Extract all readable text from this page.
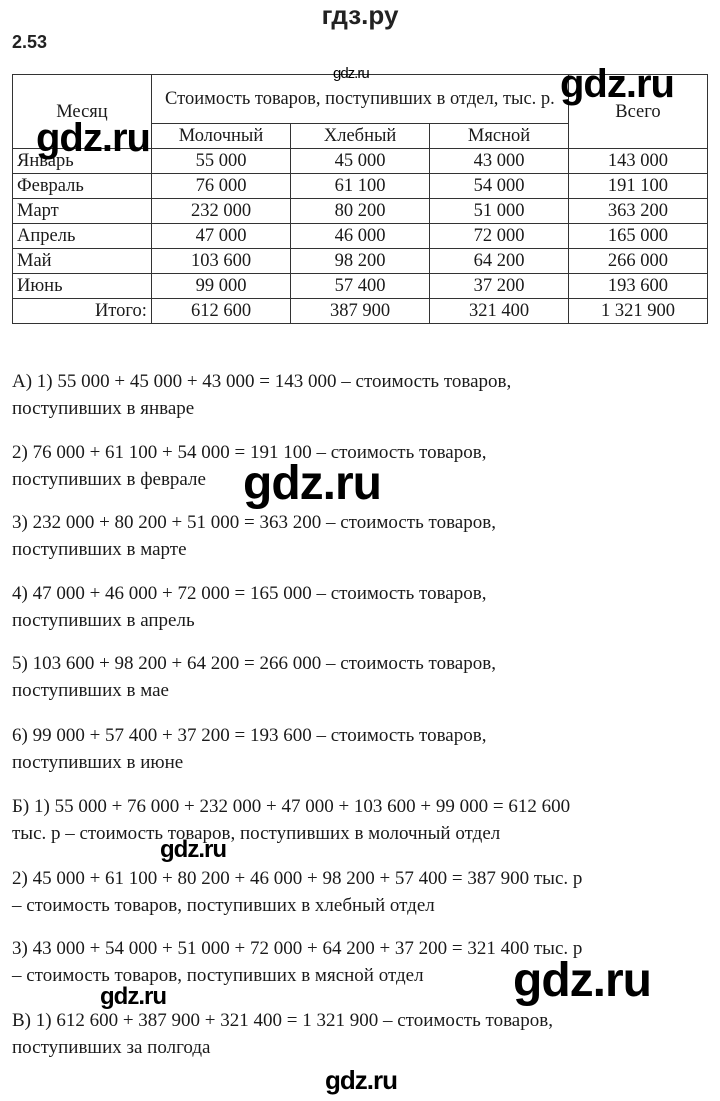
гдз.ру
2.53
Месяц	Стоимость товаров, поступивших в отдел, тыс. р.			Всего
	Молочный	Хлебный	Мясной	
Январь	55 000	45 000	43 000	143 000
Февраль	76 000	61 100	54 000	191 100
Март	232 000	80 200	51 000	363 200
Апрель	47 000	46 000	72 000	165 000
Май	103 600	98 200	64 200	266 000
Июнь	99 000	57 400	37 200	193 600
Итого:	612 600	387 900	321 400	1 321 900
А) 1) 55 000 + 45 000 + 43 000 = 143 000 – стоимость товаров,
поступивших в январе
2) 76 000 + 61 100 + 54 000 = 191 100 – стоимость товаров,
поступивших в феврале
3) 232 000 + 80 200 + 51 000 = 363 200 – стоимость товаров,
поступивших в марте
4) 47 000 + 46 000 + 72 000 = 165 000 – стоимость товаров,
поступивших в апрель
5) 103 600 + 98 200 + 64 200 = 266 000 – стоимость товаров,
поступивших в мае
6) 99 000 + 57 400 + 37 200 = 193 600 – стоимость товаров,
поступивших в июне
Б) 1) 55 000 + 76 000 + 232 000 + 47 000 + 103 600 + 99 000 = 612 600
тыс. р – стоимость товаров, поступивших в молочный отдел
2) 45 000 + 61 100 + 80 200 + 46 000 + 98 200 + 57 400 = 387 900 тыс. р
– стоимость товаров, поступивших в хлебный отдел
3) 43 000 + 54 000 + 51 000 + 72 000 + 64 200 + 37 200 = 321 400 тыс. р
– стоимость товаров, поступивших в мясной отдел
В) 1) 612 600 + 387 900 + 321 400 = 1 321 900 – стоимость товаров,
поступивших за полгода
gdz.ru	gdz.ru
gdz.ru
gdz.ru
gdz.ru
gdz.ru
gdz.ru
gdz.ru
